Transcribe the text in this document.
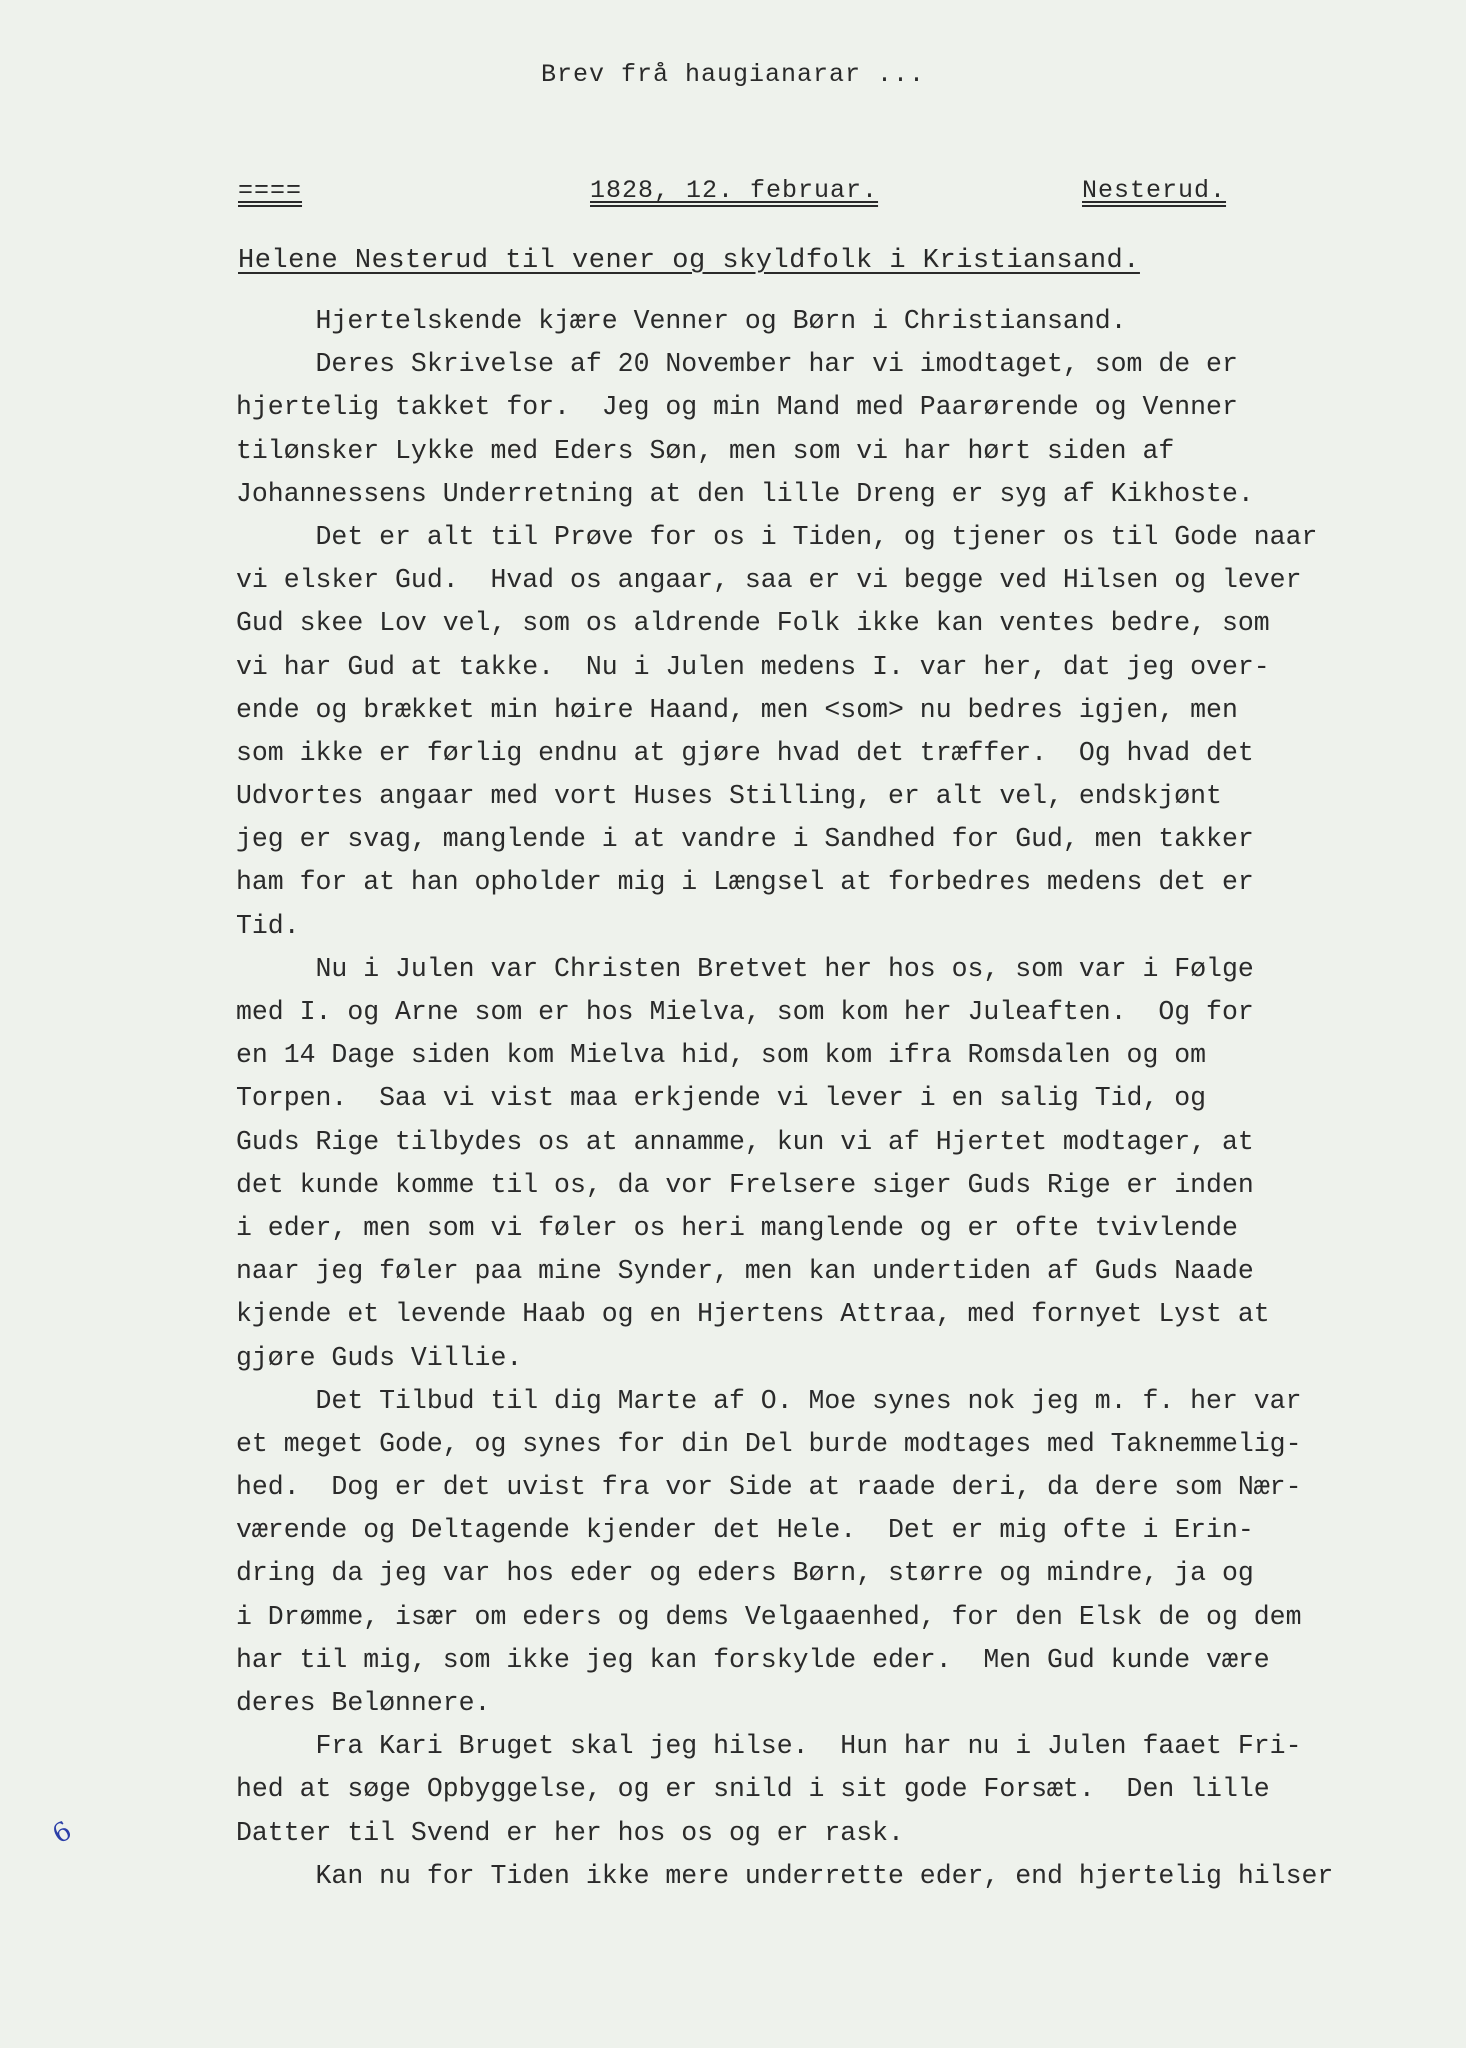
Brev frå haugianarar ...
====	1828, 12. februar.	Nesterud.
Helene Nesterud til vener og skyldfolk i Kristiansand.
Hjertelskende kjære Venner og Børn i Christiansand.
Deres Skrivelse af 20 November har vi imodtaget, som de er
hjertelig takket for.  Jeg og min Mand med Paarørende og Venner
tilønsker Lykke med Eders Søn, men som vi har hørt siden af
Johannessens Underretning at den lille Dreng er syg af Kikhoste.
Det er alt til Prøve for os i Tiden, og tjener os til Gode naar
vi elsker Gud.  Hvad os angaar, saa er vi begge ved Hilsen og lever
Gud skee Lov vel, som os aldrende Folk ikke kan ventes bedre, som
vi har Gud at takke.  Nu i Julen medens I. var her, dat jeg over-
ende og brækket min høire Haand, men <som> nu bedres igjen, men
som ikke er førlig endnu at gjøre hvad det træffer.  Og hvad det
Udvortes angaar med vort Huses Stilling, er alt vel, endskjønt
jeg er svag, manglende i at vandre i Sandhed for Gud, men takker
ham for at han opholder mig i Længsel at forbedres medens det er
Tid.
Nu i Julen var Christen Bretvet her hos os, som var i Følge
med I. og Arne som er hos Mielva, som kom her Juleaften.  Og for
en 14 Dage siden kom Mielva hid, som kom ifra Romsdalen og om
Torpen.  Saa vi vist maa erkjende vi lever i en salig Tid, og
Guds Rige tilbydes os at annamme, kun vi af Hjertet modtager, at
det kunde komme til os, da vor Frelsere siger Guds Rige er inden
i eder, men som vi føler os heri manglende og er ofte tvivlende
naar jeg føler paa mine Synder, men kan undertiden af Guds Naade
kjende et levende Haab og en Hjertens Attraa, med fornyet Lyst at
gjøre Guds Villie.
Det Tilbud til dig Marte af O. Moe synes nok jeg m. f. her var
et meget Gode, og synes for din Del burde modtages med Taknemmelig-
hed.  Dog er det uvist fra vor Side at raade deri, da dere som Nær-
værende og Deltagende kjender det Hele.  Det er mig ofte i Erin-
dring da jeg var hos eder og eders Børn, større og mindre, ja og
i Drømme, især om eders og dems Velgaaenhed, for den Elsk de og dem
har til mig, som ikke jeg kan forskylde eder.  Men Gud kunde være
deres Belønnere.
Fra Kari Bruget skal jeg hilse.  Hun har nu i Julen faaet Fri-
hed at søge Opbyggelse, og er snild i sit gode Forsæt.  Den lille
Datter til Svend er her hos os og er rask.
Kan nu for Tiden ikke mere underrette eder, end hjertelig hilser
6
